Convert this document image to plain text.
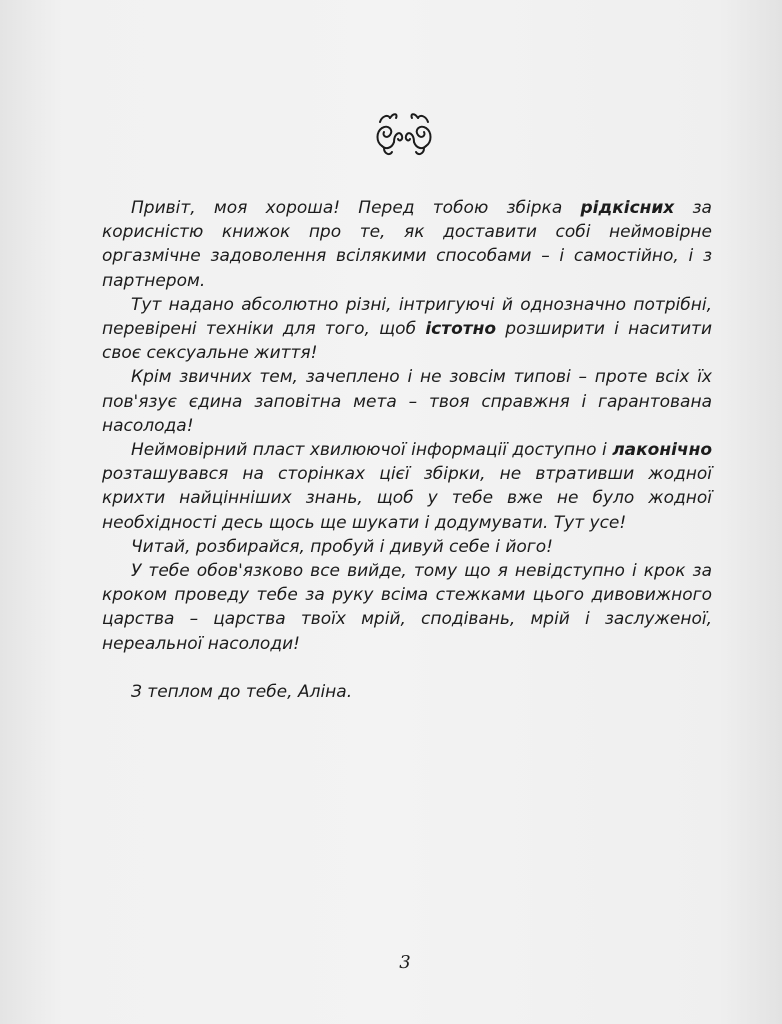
Привіт, моя хороша! Перед тобою збірка рідкісних за корисністю книжок про те, як доставити собі неймовірне оргазмічне задоволення всілякими способами – і самостійно, і з партнером.

Тут надано абсолютно різні, інтригуючі й однозначно потрібні, перевірені техніки для того, щоб істотно розширити і наситити своє сексуальне життя!

Крім звичних тем, зачеплено і не зовсім типові – проте всіх їх пов'язує єдина заповітна мета – твоя справжня і гарантована насолода!

Неймовірний пласт хвилюючої інформації доступно і лаконічно розташувався на сторінках цієї збірки, не втративши жодної крихти найцінніших знань, щоб у тебе вже не було жодної необхідності десь щось ще шукати і додумувати. Тут усе!

Читай, розбирайся, пробуй і дивуй себе і його!

У тебе обов'язково все вийде, тому що я невідступно і крок за кроком проведу тебе за руку всіма стежками цього дивовижного царства – царства твоїх мрій, сподівань, мрій і заслуженої, нереальної насолоди!

З теплом до тебе, Аліна.

3
